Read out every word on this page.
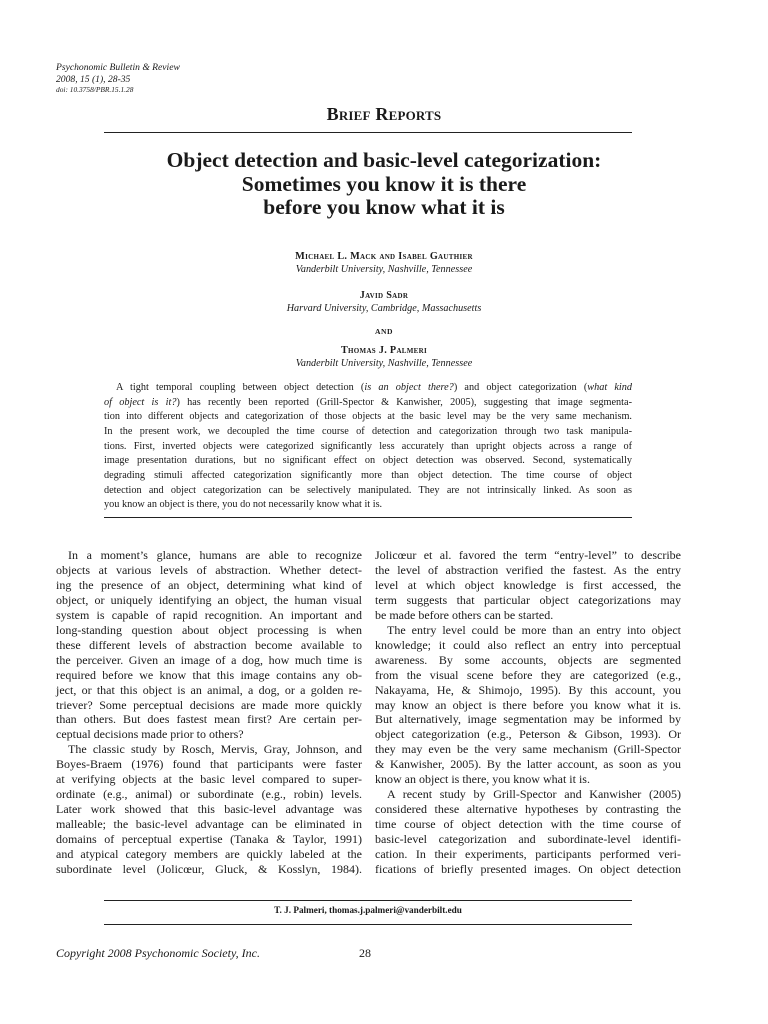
Psychonomic Bulletin & Review
2008, 15 (1), 28-35
doi: 10.3758/PBR.15.1.28
Brief Reports
Object detection and basic-level categorization:
Sometimes you know it is there
before you know what it is
Michael L. Mack and Isabel Gauthier
Vanderbilt University, Nashville, Tennessee
Javid Sadr
Harvard University, Cambridge, Massachusetts
AND
Thomas J. Palmeri
Vanderbilt University, Nashville, Tennessee
A tight temporal coupling between object detection (is an object there?) and object categorization (what kind
of object is it?) has recently been reported (Grill-Spector & Kanwisher, 2005), suggesting that image segmenta-
tion into different objects and categorization of those objects at the basic level may be the very same mechanism.
In the present work, we decoupled the time course of detection and categorization through two task manipula-
tions. First, inverted objects were categorized significantly less accurately than upright objects across a range of
image presentation durations, but no significant effect on object detection was observed. Second, systematically
degrading stimuli affected categorization significantly more than object detection. The time course of object
detection and object categorization can be selectively manipulated. They are not intrinsically linked. As soon as
you know an object is there, you do not necessarily know what it is.
In a moment’s glance, humans are able to recognize
objects at various levels of abstraction. Whether detect-
ing the presence of an object, determining what kind of
object, or uniquely identifying an object, the human visual
system is capable of rapid recognition. An important and
long-standing question about object processing is when
these different levels of abstraction become available to
the perceiver. Given an image of a dog, how much time is
required before we know that this image contains any ob-
ject, or that this object is an animal, a dog, or a golden re-
triever? Some perceptual decisions are made more quickly
than others. But does fastest mean first? Are certain per-
ceptual decisions made prior to others?
The classic study by Rosch, Mervis, Gray, Johnson, and
Boyes-Braem (1976) found that participants were faster
at verifying objects at the basic level compared to super-
ordinate (e.g., animal) or subordinate (e.g., robin) levels.
Later work showed that this basic-level advantage was
malleable; the basic-level advantage can be eliminated in
domains of perceptual expertise (Tanaka & Taylor, 1991)
and atypical category members are quickly labeled at the
subordinate level (Jolicœur, Gluck, & Kosslyn, 1984).
Jolicœur et al. favored the term “entry-level” to describe
the level of abstraction verified the fastest. As the entry
level at which object knowledge is first accessed, the
term suggests that particular object categorizations may
be made before others can be started.
The entry level could be more than an entry into object
knowledge; it could also reflect an entry into perceptual
awareness. By some accounts, objects are segmented
from the visual scene before they are categorized (e.g.,
Nakayama, He, & Shimojo, 1995). By this account, you
may know an object is there before you know what it is.
But alternatively, image segmentation may be informed by
object categorization (e.g., Peterson & Gibson, 1993). Or
they may even be the very same mechanism (Grill-Spector
& Kanwisher, 2005). By the latter account, as soon as you
know an object is there, you know what it is.
A recent study by Grill-Spector and Kanwisher (2005)
considered these alternative hypotheses by contrasting the
time course of object detection with the time course of
basic-level categorization and subordinate-level identifi-
cation. In their experiments, participants performed veri-
fications of briefly presented images. On object detection
T. J. Palmeri, thomas.j.palmeri@vanderbilt.edu
Copyright 2008 Psychonomic Society, Inc.	28
